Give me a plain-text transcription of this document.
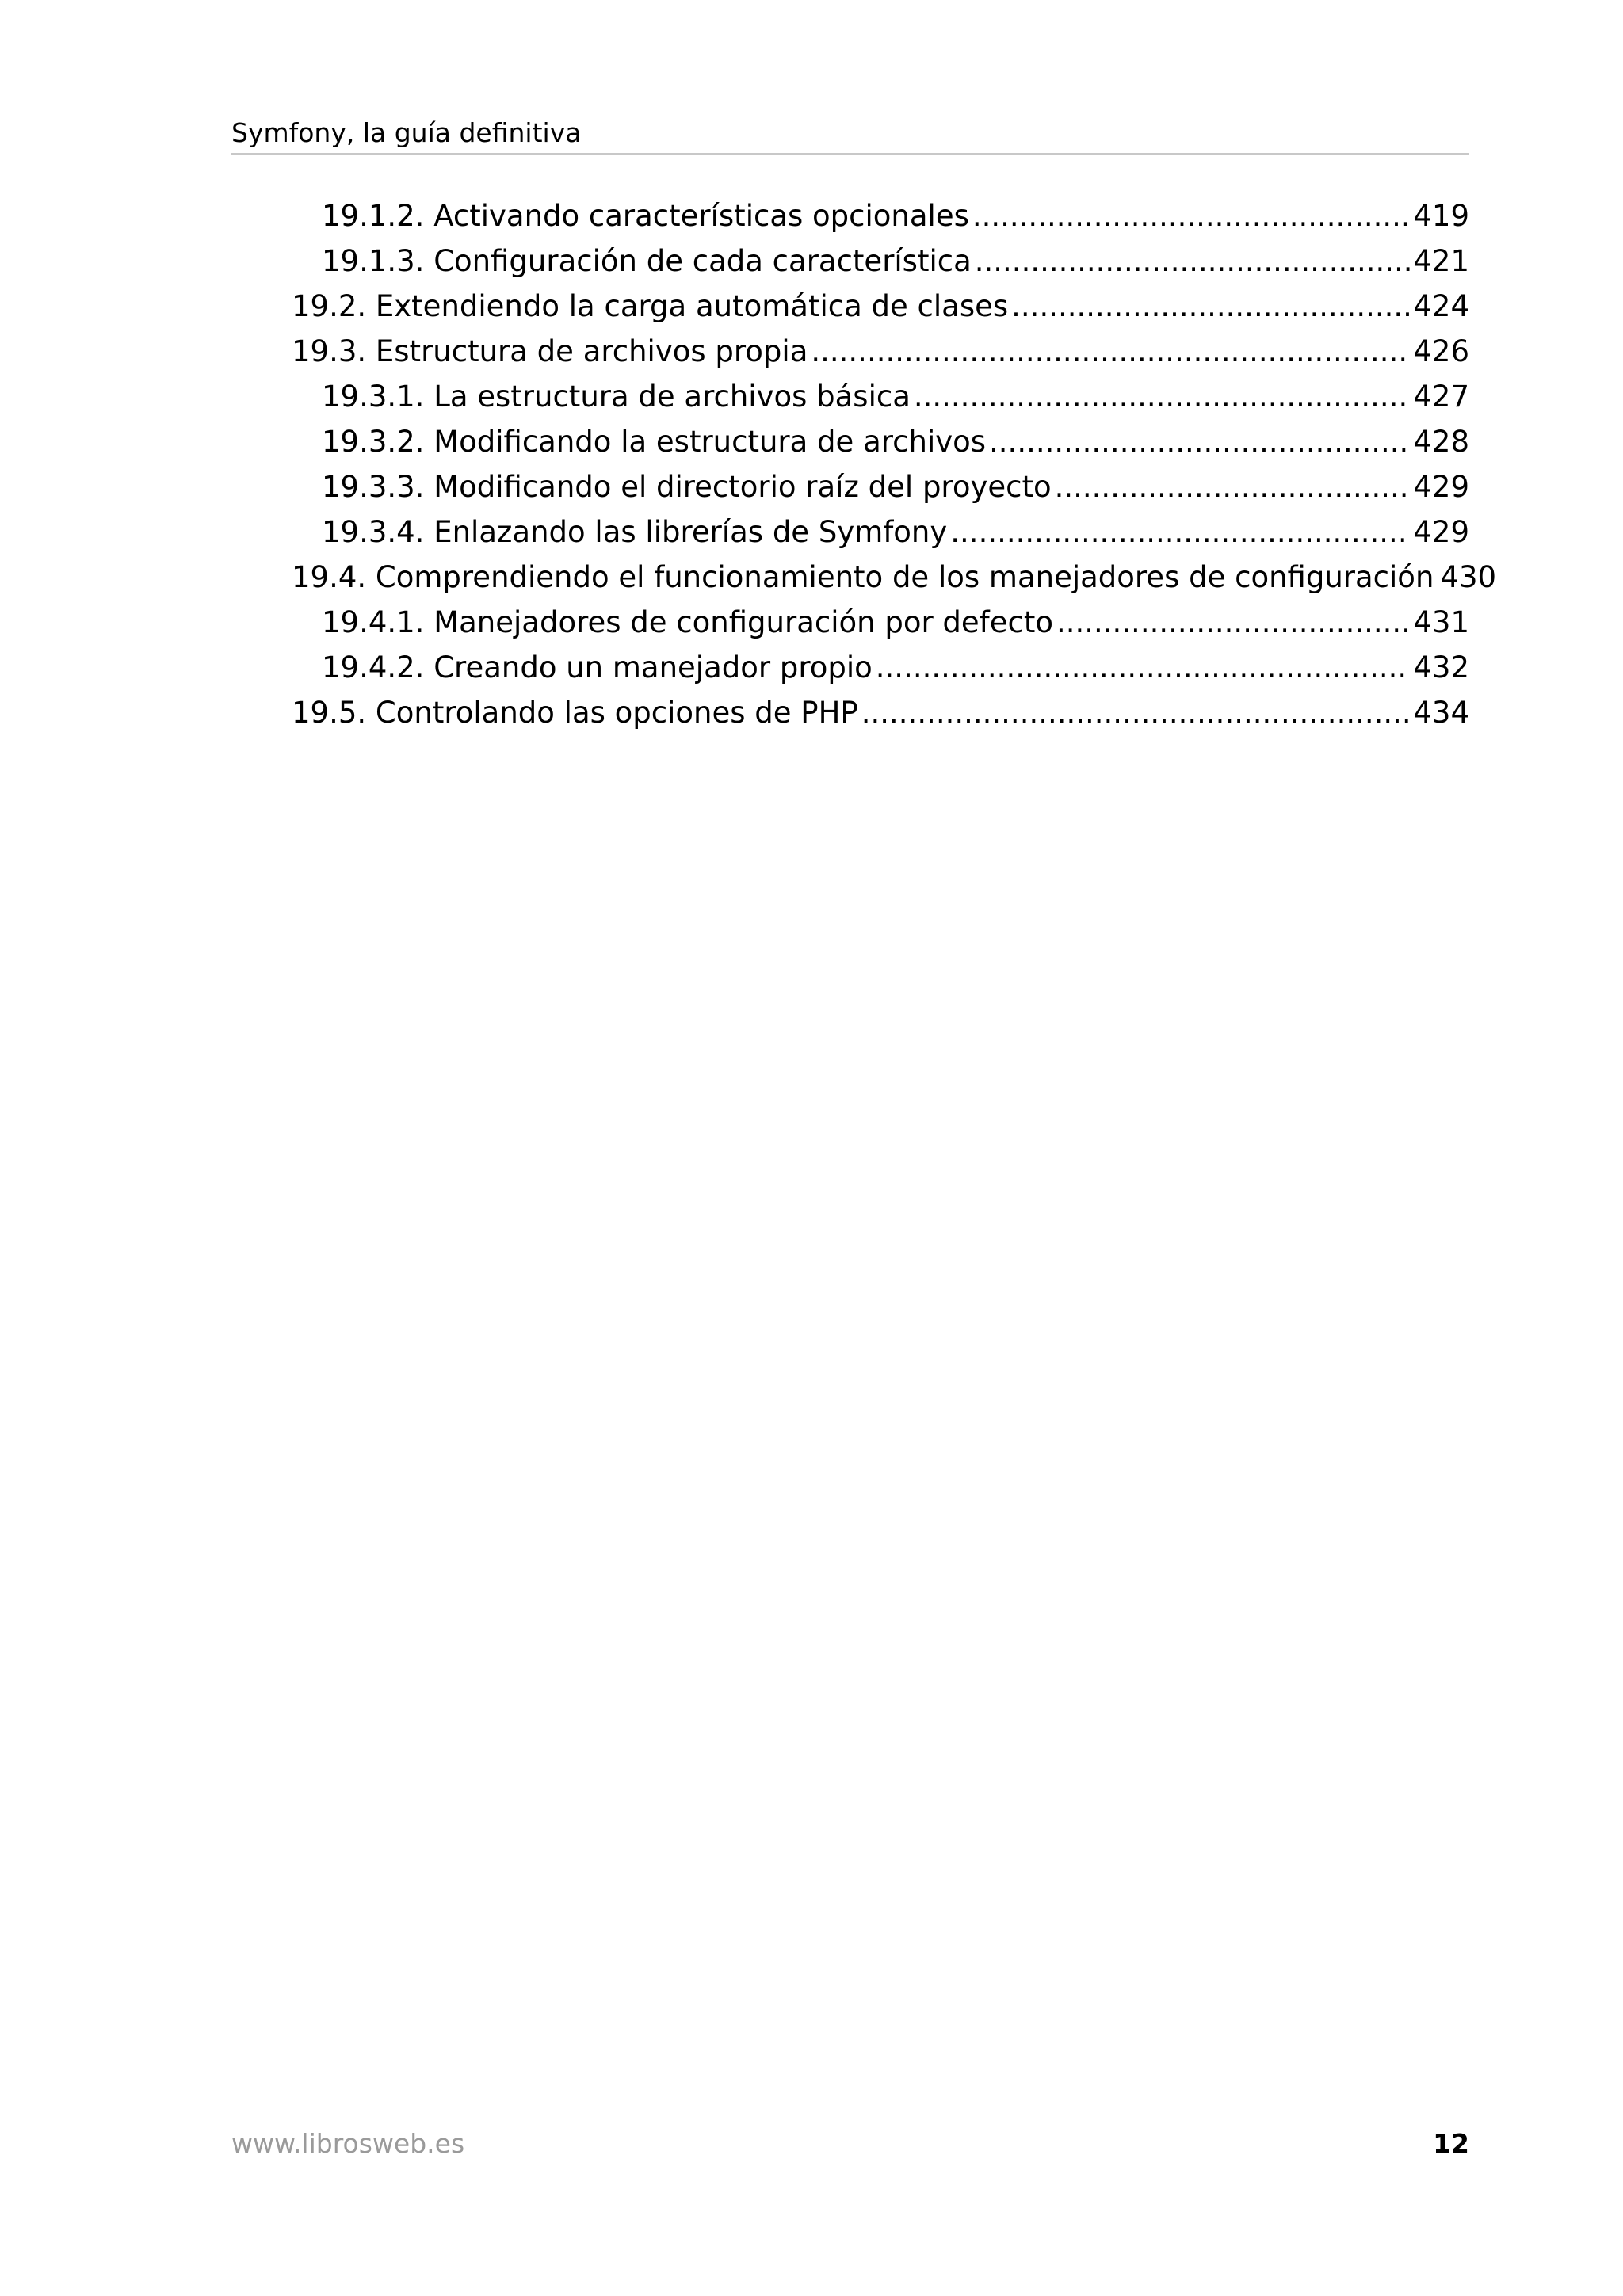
Symfony, la guía definitiva
19.1.2. Activando características opcionales .....	419
19.1.3. Configuración de cada característica .....	421
19.2. Extendiendo la carga automática de clases .....	424
19.3. Estructura de archivos propia .....	426
19.3.1. La estructura de archivos básica .....	427
19.3.2. Modificando la estructura de archivos .....	428
19.3.3. Modificando el directorio raíz del proyecto .....	429
19.3.4. Enlazando las librerías de Symfony .....	429
19.4. Comprendiendo el funcionamiento de los manejadores de configuración 430
19.4.1. Manejadores de configuración por defecto .....	431
19.4.2. Creando un manejador propio .....	432
19.5. Controlando las opciones de PHP .....	434
www.librosweb.es	12
